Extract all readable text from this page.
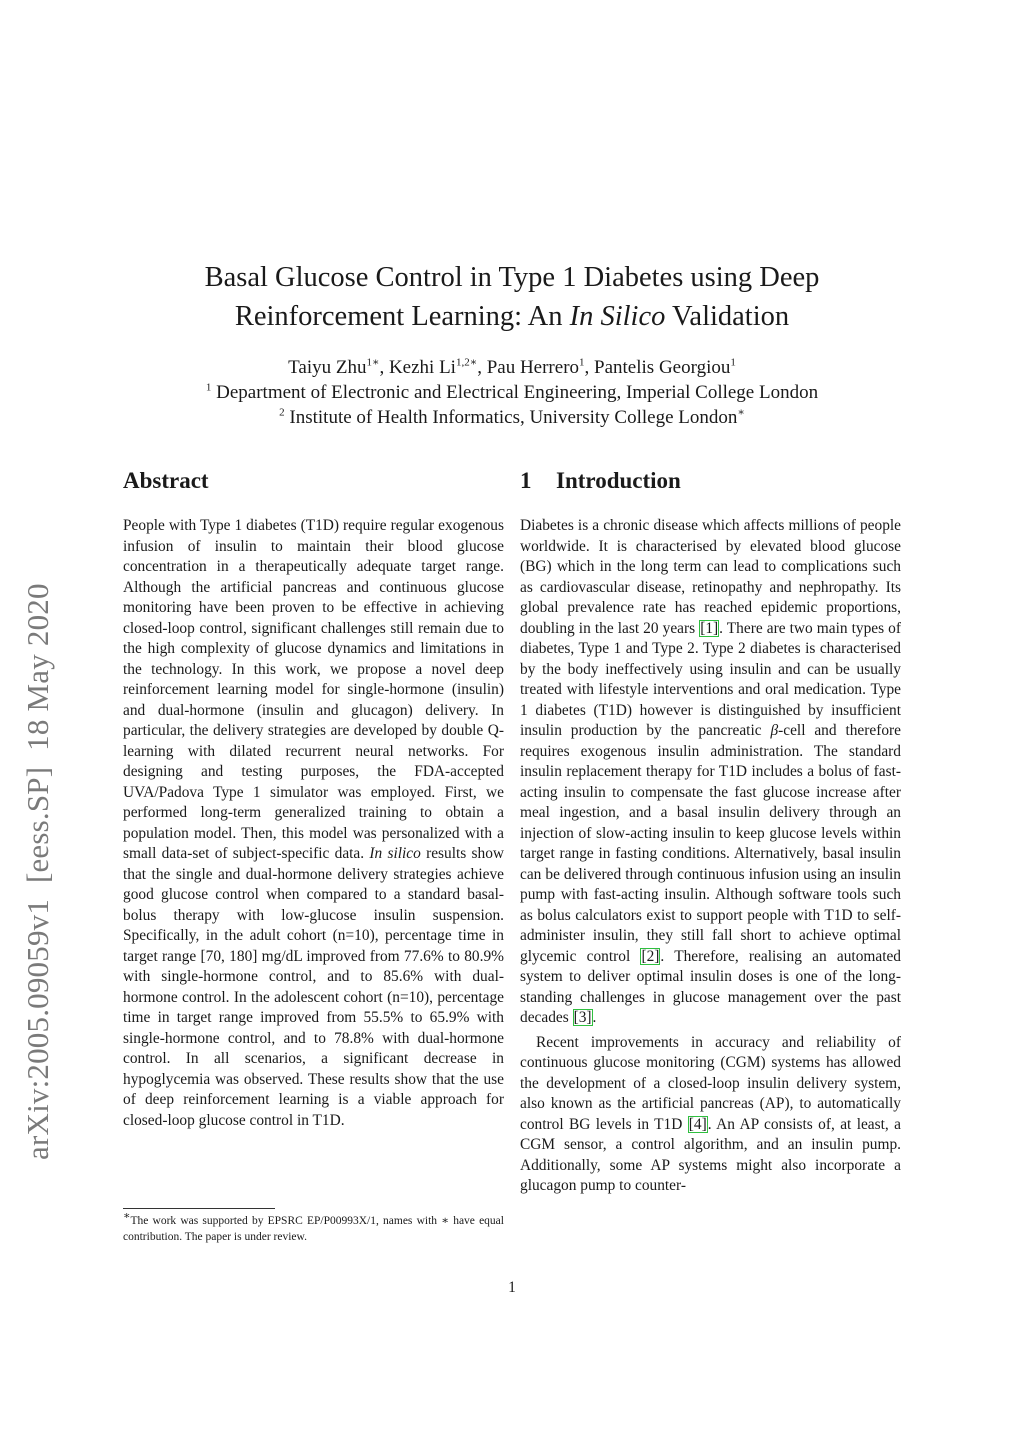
arXiv:2005.09059v1  [eess.SP]  18 May 2020
Basal Glucose Control in Type 1 Diabetes using Deep
Reinforcement Learning: An In Silico Validation
Taiyu Zhu$^{1∗}$, Kezhi $Li^{1,2∗}$, Pau Herrero$^1$, Pantelis Georgiou$^1$
$^1$ Department of Electronic and Electrical Engineering, Imperial College London
$^2$ Institute of Health Informatics, University College London∗
Abstract

People with Type 1 diabetes (T1D) require regular exogenous infusion of insulin to maintain their blood glucose concentration in a therapeutically adequate target range. Although the artificial pancreas and continuous glucose monitoring have been proven to be effective in achieving closed-loop control, significant challenges still remain due to the high complexity of glucose dynamics and limitations in the technology. In this work, we propose a novel deep reinforcement learning model for single-hormone (insulin) and dual-hormone (insulin and glucagon) delivery. In particular, the delivery strategies are developed by double Q-learning with dilated recurrent neural networks. For designing and testing purposes, the FDA-accepted UVA/Padova Type 1 simulator was employed. First, we performed long-term generalized training to obtain a population model. Then, this model was personalized with a small data-set of subject-specific data. In silico results show that the single and dual-hormone delivery strategies achieve good glucose control when compared to a standard basal-bolus therapy with low-glucose insulin suspension. Specifically, in the adult cohort (n=10), percentage time in target range [70, 180] mg/dL improved from 77.6% to 80.9% with single-hormone control, and to 85.6% with dual-hormone control. In the adolescent cohort (n=10), percentage time in target range improved from 55.5% to 65.9% with single-hormone control, and to 78.8% with dual-hormone control. In all scenarios, a significant decrease in hypoglycemia was observed. These results show that the use of deep reinforcement learning is a viable approach for closed-loop glucose control in T1D.

∗The work was supported by EPSRC EP/P00993X/1, names with ∗ have equal contribution. The paper is under review.
1 Introduction

Diabetes is a chronic disease which affects millions of people worldwide. It is characterised by elevated blood glucose (BG) which in the long term can lead to complications such as cardiovascular disease, retinopathy and nephropathy. Its global prevalence rate has reached epidemic proportions, doubling in the last 20 years [1]. There are two main types of diabetes, Type 1 and Type 2. Type 2 diabetes is characterised by the body ineffectively using insulin and can be usually treated with lifestyle interventions and oral medication. Type 1 diabetes (T1D) however is distinguished by insufficient insulin production by the pancreatic β-cell and therefore requires exogenous insulin administration. The standard insulin replacement therapy for T1D includes a bolus of fast-acting insulin to compensate the fast glucose increase after meal ingestion, and a basal insulin delivery through an injection of slow-acting insulin to keep glucose levels within target range in fasting conditions. Alternatively, basal insulin can be delivered through continuous infusion using an insulin pump with fast-acting insulin. Although software tools such as bolus calculators exist to support people with T1D to self-administer insulin, they still fall short to achieve optimal glycemic control [2]. Therefore, realising an automated system to deliver optimal insulin doses is one of the long-standing challenges in glucose management over the past decades [3].

Recent improvements in accuracy and reliability of continuous glucose monitoring (CGM) systems has allowed the development of a closed-loop insulin delivery system, also known as the artificial pancreas (AP), to automatically control BG levels in T1D [4]. An AP consists of, at least, a CGM sensor, a control algorithm, and an insulin pump. Additionally, some AP systems might also incorporate a glucagon pump to counter-

1
